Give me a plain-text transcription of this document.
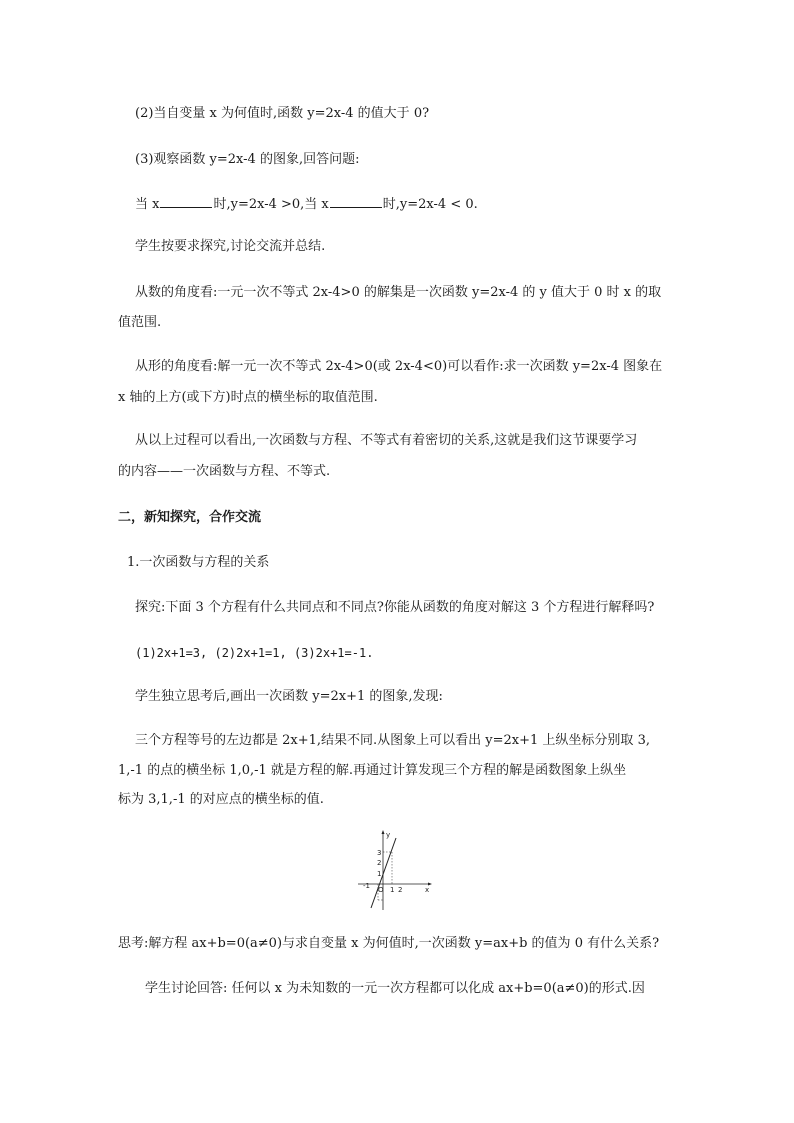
(2)当自变量 x 为何值时,函数 y=2x-4 的值大于 0?
(3)观察函数 y=2x-4 的图象,回答问题:
当 x	时,y=2x-4 >0,当 x	时,y=2x-4 < 0.
学生按要求探究,讨论交流并总结.
从数的角度看:一元一次不等式 2x-4>0 的解集是一次函数 y=2x-4 的 y 值大于 0 时 x 的取
值范围.
从形的角度看:解一元一次不等式 2x-4>0(或 2x-4<0)可以看作:求一次函数 y=2x-4 图象在
x 轴的上方(或下方)时点的横坐标的取值范围.
从以上过程可以看出,一次函数与方程、不等式有着密切的关系,这就是我们这节课要学习
的内容——一次函数与方程、不等式.
二，新知探究，合作交流
1.一次函数与方程的关系
探究:下面 3 个方程有什么共同点和不同点?你能从函数的角度对解这 3 个方程进行解释吗?
(1)2x+1=3, (2)2x+1=1, (3)2x+1=-1.
学生独立思考后,画出一次函数 y=2x+1 的图象,发现:
三个方程等号的左边都是 2x+1,结果不同.从图象上可以看出 y=2x+1 上纵坐标分别取 3,
1,-1 的点的横坐标 1,0,-1 就是方程的解.再通过计算发现三个方程的解是函数图象上纵坐
标为 3,1,-1 的对应点的横坐标的值.
y
x
3
2
1
-1 O 1 2
思考:解方程 ax+b=0(a≠0)与求自变量 x 为何值时,一次函数 y=ax+b 的值为 0 有什么关系?
学生讨论回答: 任何以 x 为未知数的一元一次方程都可以化成 ax+b=0(a≠0)的形式.因
